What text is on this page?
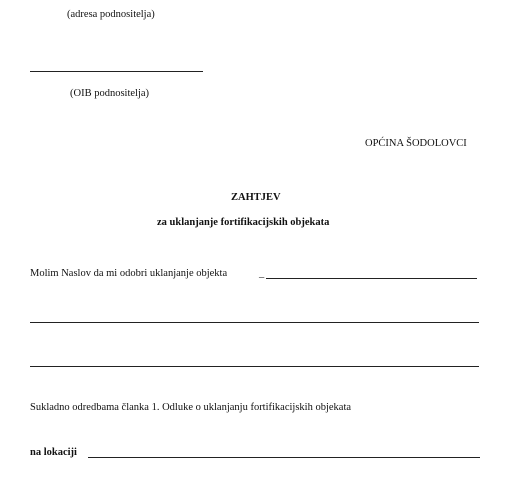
(adresa podnositelja)
(OIB podnositelja)
OPĆINA ŠODOLOVCI
ZAHTJEV
za uklanjanje fortifikacijskih objekata
Molim Naslov da mi odobri uklanjanje objekta	_
Sukladno odredbama članka 1. Odluke o uklanjanju fortifikacijskih objekata
na lokaciji
